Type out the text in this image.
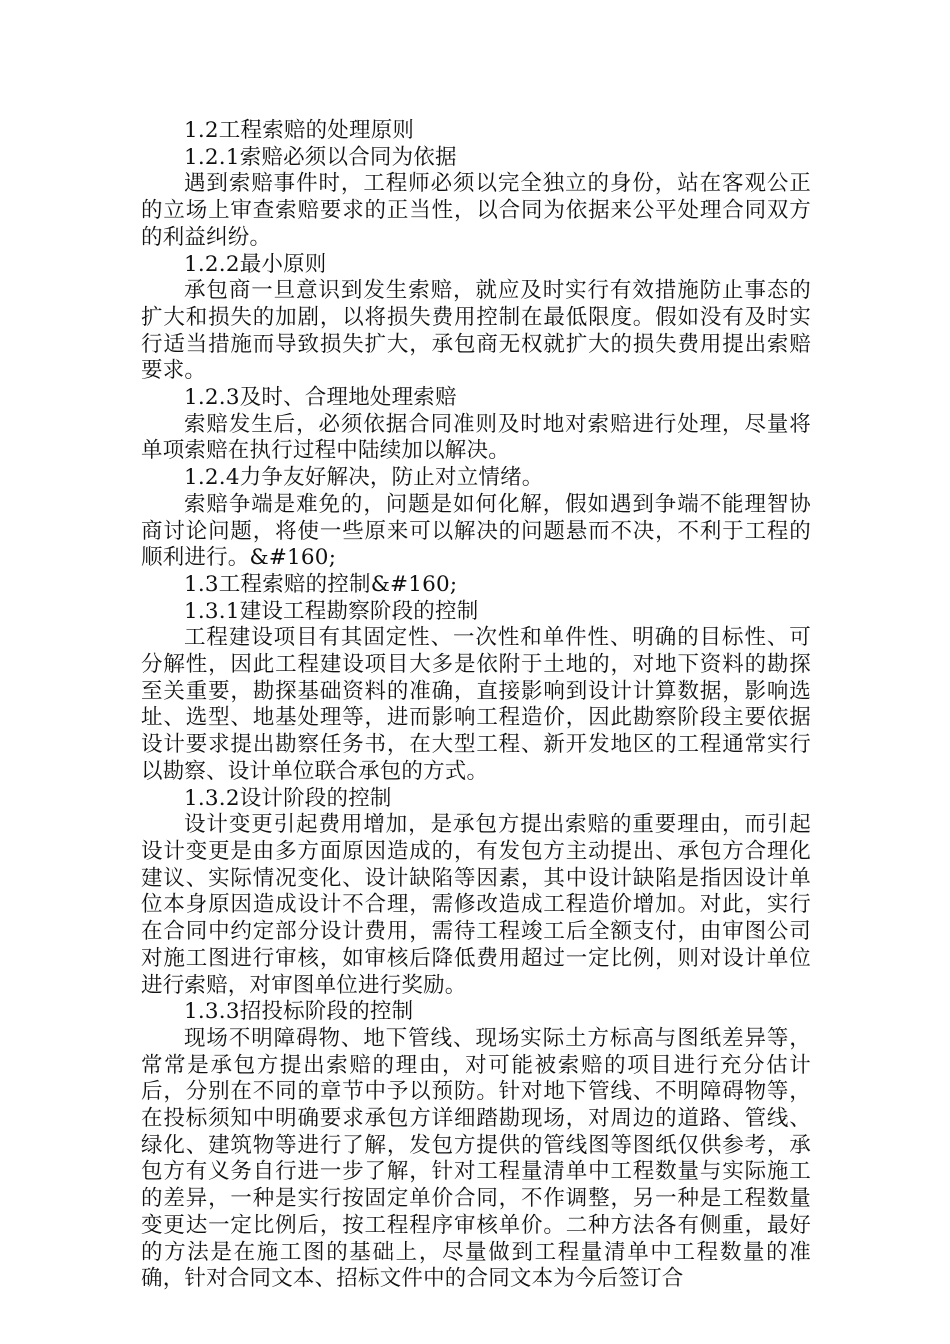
1.2工程索赔的处理原则

1.2.1索赔必须以合同为依据

遇到索赔事件时，工程师必须以完全独立的身份，站在客观公正的立场上审查索赔要求的正当性，以合同为依据来公平处理合同双方的利益纠纷。

1.2.2最小原则

承包商一旦意识到发生索赔，就应及时实行有效措施防止事态的扩大和损失的加剧，以将损失费用控制在最低限度。假如没有及时实行适当措施而导致损失扩大，承包商无权就扩大的损失费用提出索赔要求。

1.2.3及时、合理地处理索赔

索赔发生后，必须依据合同准则及时地对索赔进行处理，尽量将单项索赔在执行过程中陆续加以解决。

1.2.4力争友好解决，防止对立情绪。

索赔争端是难免的，问题是如何化解，假如遇到争端不能理智协商讨论问题，将使一些原来可以解决的问题悬而不决，不利于工程的顺利进行。&#160;

1.3工程索赔的控制&#160;

1.3.1建设工程勘察阶段的控制

工程建设项目有其固定性、一次性和单件性、明确的目标性、可分解性，因此工程建设项目大多是依附于土地的，对地下资料的勘探至关重要，勘探基础资料的准确，直接影响到设计计算数据，影响选址、选型、地基处理等，进而影响工程造价，因此勘察阶段主要依据设计要求提出勘察任务书，在大型工程、新开发地区的工程通常实行以勘察、设计单位联合承包的方式。

1.3.2设计阶段的控制

设计变更引起费用增加，是承包方提出索赔的重要理由，而引起设计变更是由多方面原因造成的，有发包方主动提出、承包方合理化建议、实际情况变化、设计缺陷等因素，其中设计缺陷是指因设计单位本身原因造成设计不合理，需修改造成工程造价增加。对此，实行在合同中约定部分设计费用，需待工程竣工后全额支付，由审图公司对施工图进行审核，如审核后降低费用超过一定比例，则对设计单位进行索赔，对审图单位进行奖励。

1.3.3招投标阶段的控制

现场不明障碍物、地下管线、现场实际土方标高与图纸差异等，常常是承包方提出索赔的理由，对可能被索赔的项目进行充分估计后，分别在不同的章节中予以预防。针对地下管线、不明障碍物等，在投标须知中明确要求承包方详细踏勘现场，对周边的道路、管线、绿化、建筑物等进行了解，发包方提供的管线图等图纸仅供参考，承包方有义务自行进一步了解，针对工程量清单中工程数量与实际施工的差异，一种是实行按固定单价合同，不作调整，另一种是工程数量变更达一定比例后，按工程程序审核单价。二种方法各有侧重，最好的方法是在施工图的基础上，尽量做到工程量清单中工程数量的准确，针对合同文本、招标文件中的合同文本为今后签订合
